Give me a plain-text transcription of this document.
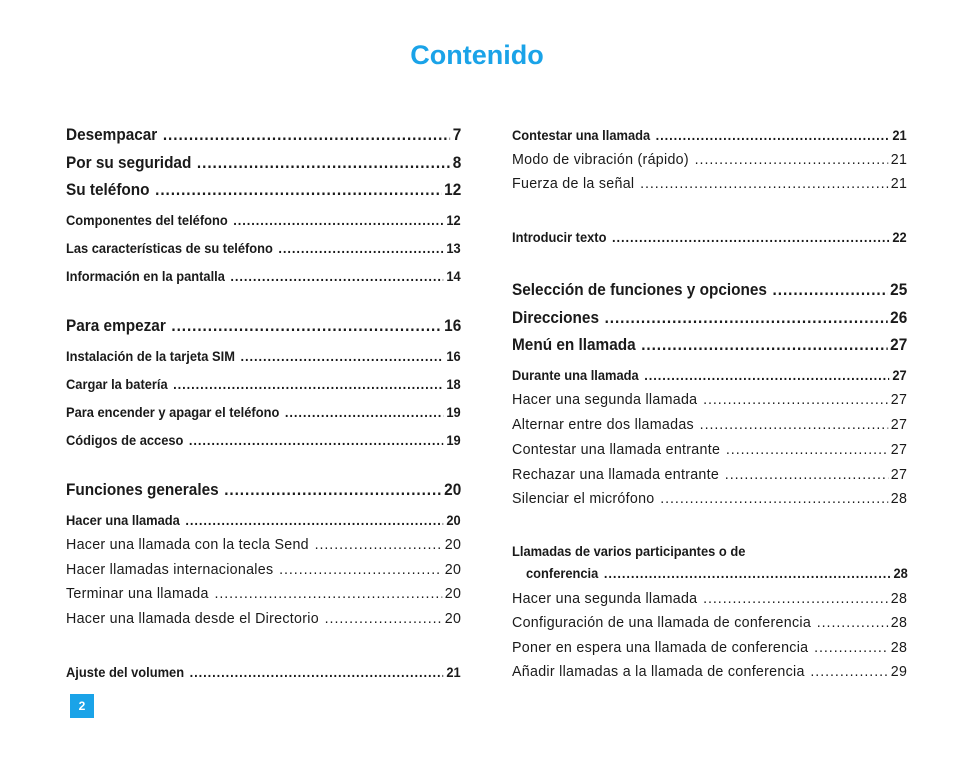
Contenido
Desempacar .....	7
Por su seguridad .....	8
Su teléfono .....	12
Componentes del teléfono .....	12
Las características de su teléfono .....	13
Información en la pantalla .....	14
Para empezar .....	16
Instalación de la tarjeta SIM .....	16
Cargar la batería .....	18
Para encender y apagar el teléfono .....	19
Códigos de acceso .....	19
Funciones generales .....	20
Hacer una llamada .....	20
Hacer una llamada con la tecla Send .....	20
Hacer llamadas internacionales .....	20
Terminar una llamada .....	20
Hacer una llamada desde el Directorio .....	20
Ajuste del volumen .....	21
Contestar una llamada .....	21
Modo de vibración (rápido) .....	21
Fuerza de la señal .....	21
Introducir texto .....	22
Selección de funciones y opciones .....	25
Direcciones .....	26
Menú en llamada .....	27
Durante una llamada .....	27
Hacer una segunda llamada .....	27
Alternar entre dos llamadas .....	27
Contestar una llamada entrante .....	27
Rechazar una llamada entrante .....	27
Silenciar el micrófono .....	28
Llamadas de varios participantes o de
conferencia .....	28
Hacer una segunda llamada .....	28
Configuración de una llamada de conferencia .....	28
Poner en espera una llamada de conferencia .....	28
Añadir llamadas a la llamada de conferencia .....	29
2
